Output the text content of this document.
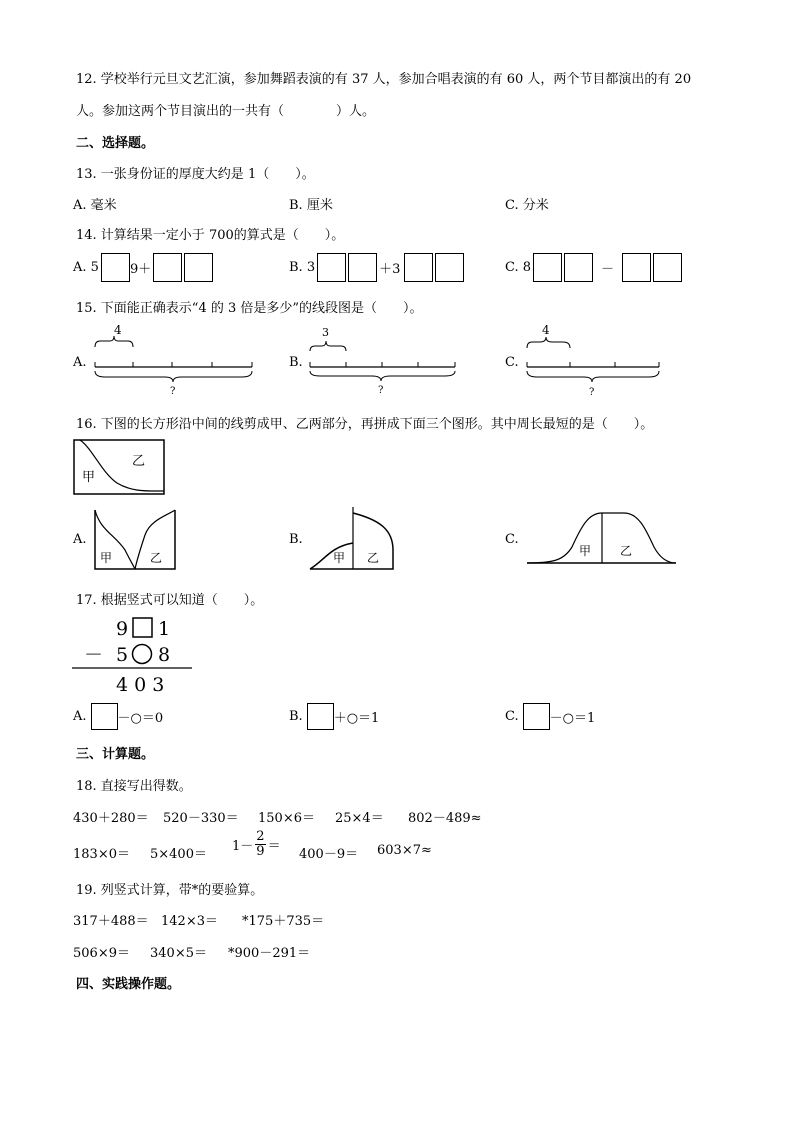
12. 学校举行元旦文艺汇演，参加舞蹈表演的有 37 人，参加合唱表演的有 60 人，两个节目都演出的有 20
人。参加这两个节目演出的一共有（　　　　）人。
二、选择题。
13. 一张身份证的厚度大约是 1（　　）。
A. 毫米	B. 厘米	C. 分米
14. 计算结果一定小于 700的算式是（　　）。
A. 5 9＋	B. 3	＋3	C. 8	－
15. 下面能正确表示“4 的 3 倍是多少”的线段图是（　　）。
A.
4
?
B.
3
?
C.
4
?
16. 下图的长方形沿中间的线剪成甲、乙两部分，再拼成下面三个图形。其中周长最短的是（　　）。
甲
乙
A.
甲	乙
B.
甲 乙
C.
甲 乙
17. 根据竖式可以知道（　　）。
9 1
－ 5 8
4 0 3
A. －○＝0	B. ＋○＝1	C. －○＝1
三、计算题。
18. 直接写出得数。
430＋280＝ 520－330＝ 150×6＝ 25×4＝ 802－489≈
183×0＝ 5×400＝
$1- \frac{2}{9}$ ＝
400－9＝ 603×7≈
19. 列竖式计算，带*的要验算。
317＋488＝ 142×3＝ *175＋735＝
506×9＝ 340×5＝ *900－291＝
四、实践操作题。
